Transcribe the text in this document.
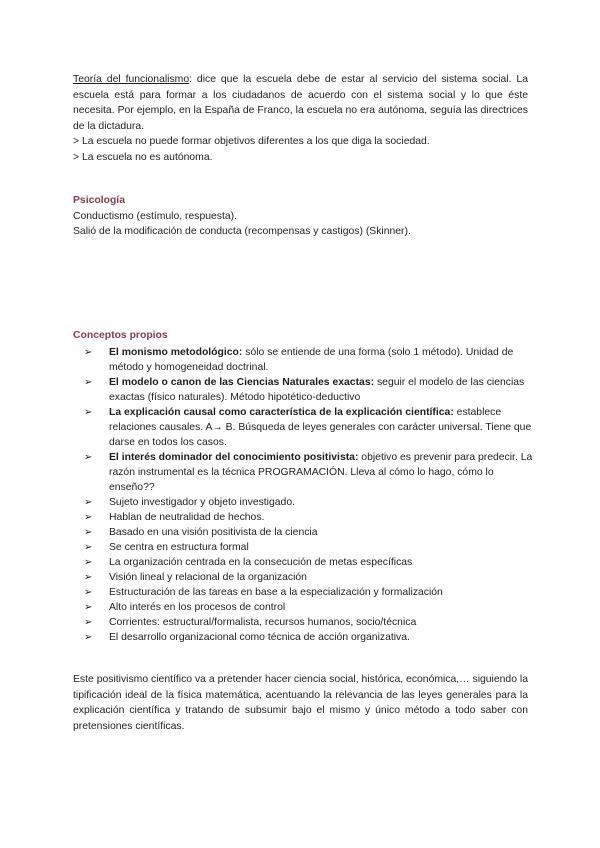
Teoría del funcionalismo: dice que la escuela debe de estar al servicio del sistema social. La escuela está para formar a los ciudadanos de acuerdo con el sistema social y lo que éste necesita. Por ejemplo, en la España de Franco, la escuela no era autónoma, seguía las directrices de la dictadura.
> La escuela no puede formar objetivos diferentes a los que diga la sociedad.
> La escuela no es autónoma.
Psicología
Conductismo (estímulo, respuesta).
Salió de la modificación de conducta (recompensas y castigos) (Skinner).
Conceptos propios
➢ El monismo metodológico: sólo se entiende de una forma (solo 1 método). Unidad de método y homogeneidad doctrinal.
➢ El modelo o canon de las Ciencias Naturales exactas: seguir el modelo de las ciencias exactas (físico naturales). Método hipotético-deductivo
➢ La explicación causal como característica de la explicación científica: establece relaciones causales. A→ B. Búsqueda de leyes generales con carácter universal. Tiene que darse en todos los casos.
➢ El interés dominador del conocimiento positivista: objetivo es prevenir para predecir. La razón instrumental es la técnica PROGRAMACIÓN. Lleva al cómo lo hago, cómo lo enseño??
➢ Sujeto investigador y objeto investigado.
➢ Hablan de neutralidad de hechos.
➢ Basado en una visión positivista de la ciencia
➢ Se centra en estructura formal
➢ La organización centrada en la consecución de metas específicas
➢ Visión lineal y relacional de la organización
➢ Estructuración de las tareas en base a la especialización y formalización
➢ Alto interés en los procesos de control
➢ Corrientes: estructural/formalista, recursos humanos, socio/técnica
➢ El desarrollo organizacional como técnica de acción organizativa.
Este positivismo científico va a pretender hacer ciencia social, histórica, económica,… siguiendo la tipificación ideal de la física matemática, acentuando la relevancia de las leyes generales para la explicación científica y tratando de subsumir bajo el mismo y único método a todo saber con pretensiones científicas.
